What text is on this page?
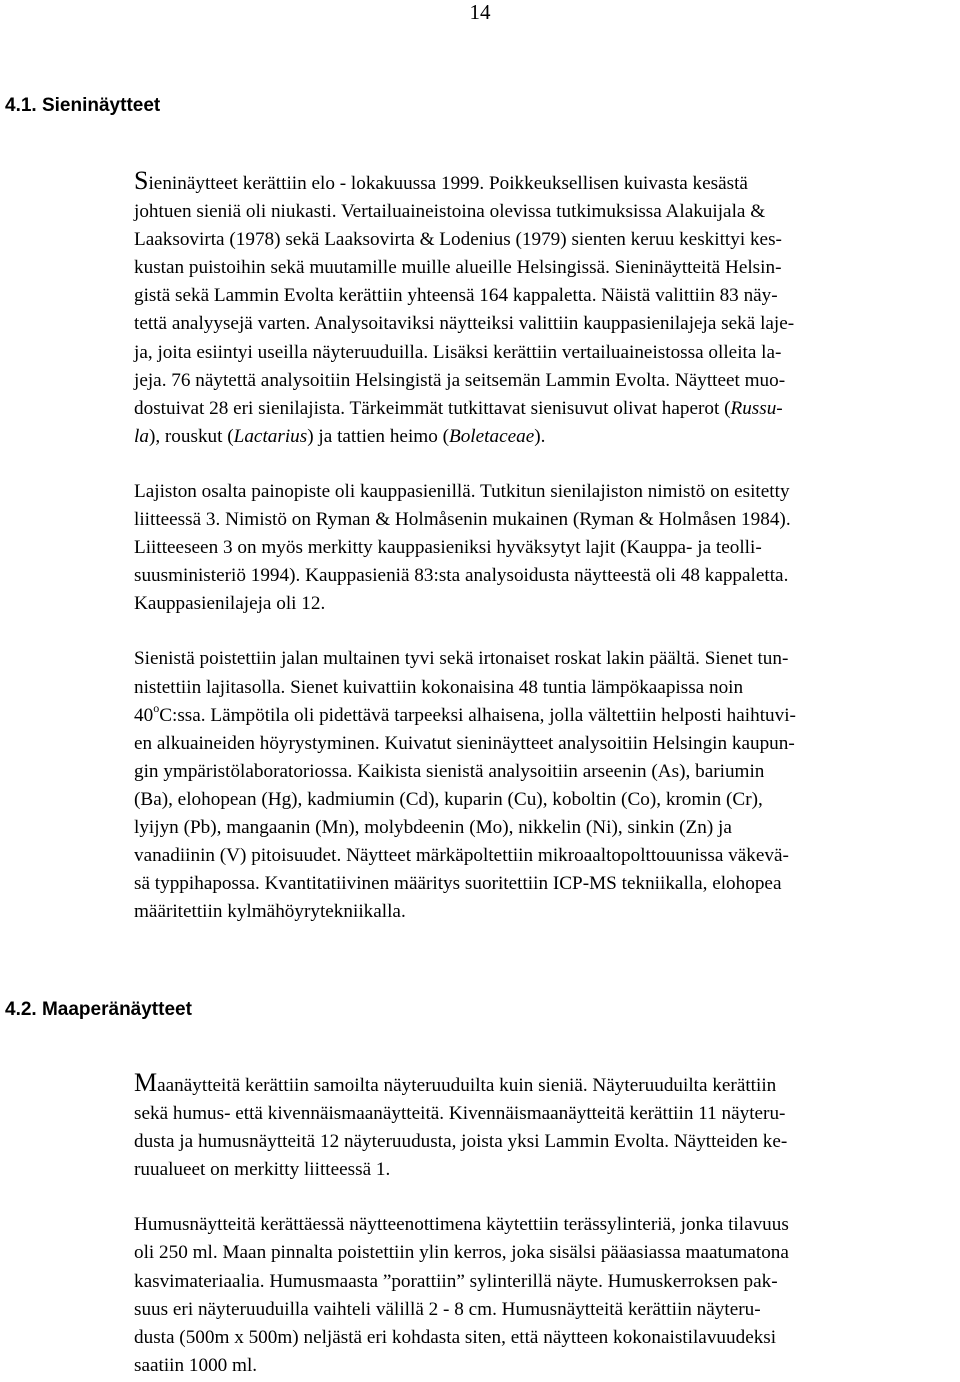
14
4.1. Sieninäytteet

Sieninäytteet kerättiin elo - lokakuussa 1999. Poikkeuksellisen kuivasta kesästä
johtuen sieniä oli niukasti. Vertailuaineistoina olevissa tutkimuksissa Alakuijala &
Laaksovirta (1978) sekä Laaksovirta & Lodenius (1979) sienten keruu keskittyi kes-
kustan puistoihin sekä muutamille muille alueille Helsingissä. Sieninäytteitä Helsin-
gistä sekä Lammin Evolta kerättiin yhteensä 164 kappaletta. Näistä valittiin 83 näy-
tettä analyysejä varten. Analysoitaviksi näytteiksi valittiin kauppasienilajeja sekä laje-
ja, joita esiintyi useilla näyteruuduilla. Lisäksi kerättiin vertailuaineistossa olleita la-
jeja. 76 näytettä analysoitiin Helsingistä ja seitsemän Lammin Evolta. Näytteet muo-
dostuivat 28 eri sienilajista. Tärkeimmät tutkittavat sienisuvut olivat haperot (Russu-
la), rouskut (Lactarius) ja tattien heimo (Boletaceae).

Lajiston osalta painopiste oli kauppasienillä. Tutkitun sienilajiston nimistö on esitetty
liitteessä 3. Nimistö on Ryman & Holmåsenin mukainen (Ryman & Holmåsen 1984).
Liitteeseen 3 on myös merkitty kauppasieniksi hyväksytyt lajit (Kauppa- ja teolli-
suusministeriö 1994). Kauppasieniä 83:sta analysoidusta näytteestä oli 48 kappaletta.
Kauppasienilajeja oli 12.

Sienistä poistettiin jalan multainen tyvi sekä irtonaiset roskat lakin päältä. Sienet tun-
nistettiin lajitasolla. Sienet kuivattiin kokonaisina 48 tuntia lämpökaapissa noin
40$^o$C:ssa. Lämpötila oli pidettävä tarpeeksi alhaisena, jolla vältettiin helposti haihtuvi-
en alkuaineiden höyrystyminen. Kuivatut sieninäytteet analysoitiin Helsingin kaupun-
gin ympäristölaboratoriossa. Kaikista sienistä analysoitiin arseenin (As), bariumin
(Ba), elohopean (Hg), kadmiumin (Cd), kuparin (Cu), koboltin (Co), kromin (Cr),
lyijyn (Pb), mangaanin (Mn), molybdeenin (Mo), nikkelin (Ni), sinkin (Zn) ja
vanadiinin (V) pitoisuudet. Näytteet märkäpoltettiin mikroaaltopolttouunissa väkevä-
sä typpihapossa. Kvantitatiivinen määritys suoritettiin ICP-MS tekniikalla, elohopea
määritettiin kylmähöyrytekniikalla.

4.2. Maaperänäytteet

Maanäytteitä kerättiin samoilta näyteruuduilta kuin sieniä. Näyteruuduilta kerättiin
sekä humus- että kivennäismaanäytteitä. Kivennäismaanäytteitä kerättiin 11 näyteru-
dusta ja humusnäytteitä 12 näyteruudusta, joista yksi Lammin Evolta. Näytteiden ke-
ruualueet on merkitty liitteessä 1.

Humusnäytteitä kerättäessä näytteenottimena käytettiin terässylinteriä, jonka tilavuus
oli 250 ml. Maan pinnalta poistettiin ylin kerros, joka sisälsi pääasiassa maatumatona
kasvimateriaalia. Humusmaasta ”porattiin” sylinterillä näyte. Humuskerroksen pak-
suus eri näyteruuduilla vaihteli välillä 2 - 8 cm. Humusnäytteitä kerättiin näyteru-
dusta (500m x 500m) neljästä eri kohdasta siten, että näytteen kokonaistilavuudeksi
saatiin 1000 ml.
